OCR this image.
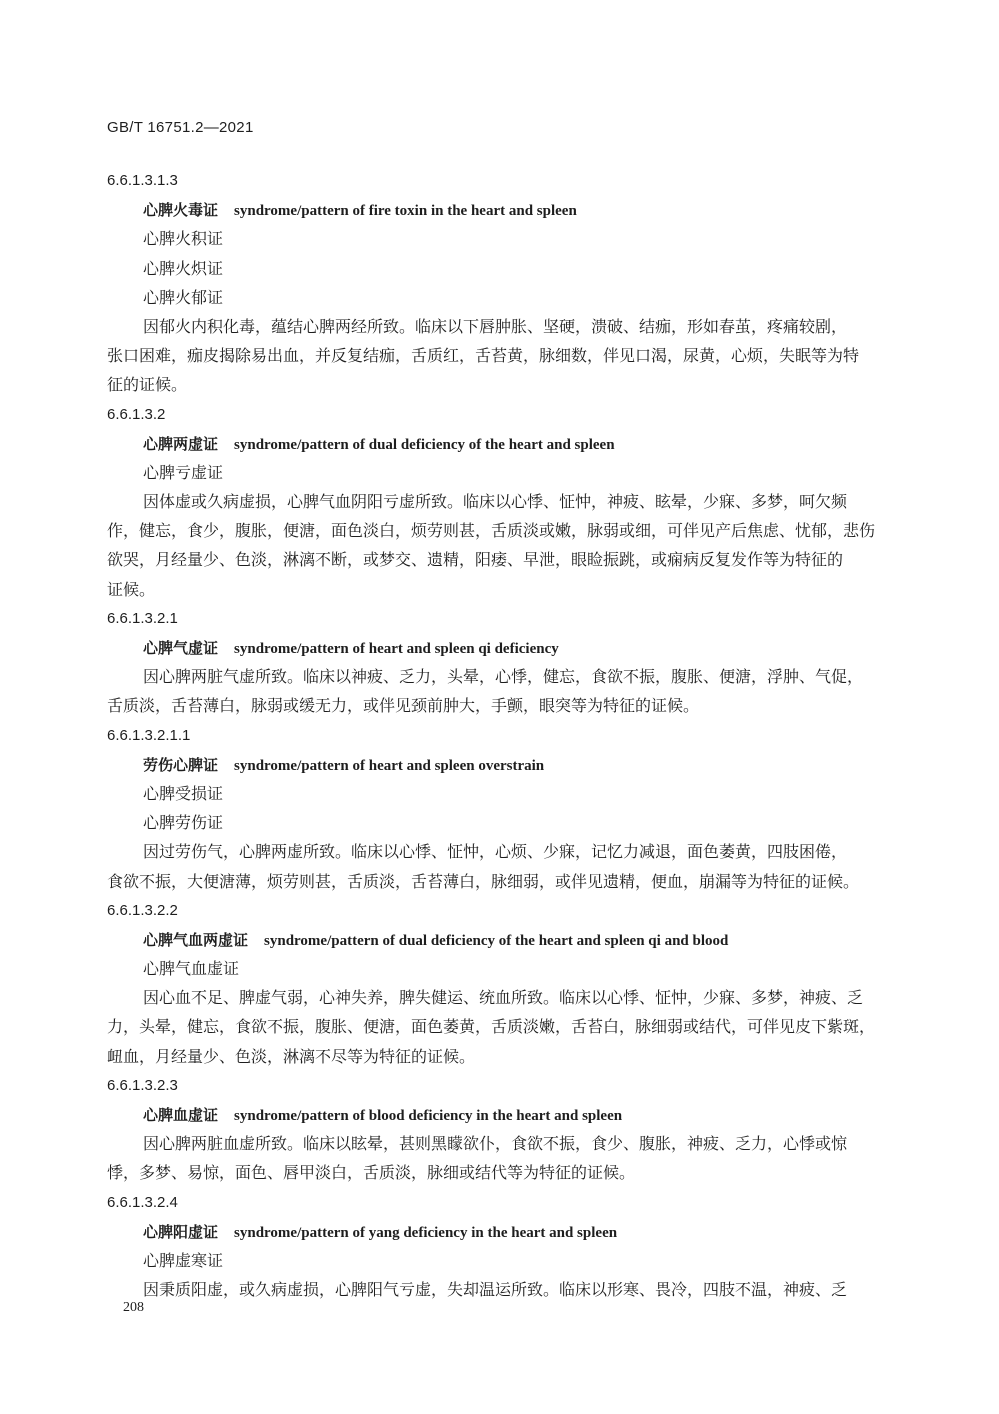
GB/T 16751.2—2021
6.6.1.3.1.3
心脾火毒证 syndrome/pattern of fire toxin in the heart and spleen
心脾火积证
心脾火炽证
心脾火郁证
因郁火内积化毒，蕴结心脾两经所致。临床以下唇肿胀、坚硬，溃破、结痂，形如春茧，疼痛较剧，
张口困难，痂皮揭除易出血，并反复结痂，舌质红，舌苔黄，脉细数，伴见口渴，尿黄，心烦，失眠等为特
征的证候。
6.6.1.3.2
心脾两虚证 syndrome/pattern of dual deficiency of the heart and spleen
心脾亏虚证
因体虚或久病虚损，心脾气血阴阳亏虚所致。临床以心悸、怔忡，神疲、眩晕，少寐、多梦，呵欠频
作，健忘，食少，腹胀，便溏，面色淡白，烦劳则甚，舌质淡或嫩，脉弱或细，可伴见产后焦虑、忧郁，悲伤
欲哭，月经量少、色淡，淋漓不断，或梦交、遗精，阳痿、早泄，眼睑振跳，或痫病反复发作等为特征的
证候。
6.6.1.3.2.1
心脾气虚证 syndrome/pattern of heart and spleen qi deficiency
因心脾两脏气虚所致。临床以神疲、乏力，头晕，心悸，健忘，食欲不振，腹胀、便溏，浮肿、气促，
舌质淡，舌苔薄白，脉弱或缓无力，或伴见颈前肿大，手颤，眼突等为特征的证候。
6.6.1.3.2.1.1
劳伤心脾证 syndrome/pattern of heart and spleen overstrain
心脾受损证
心脾劳伤证
因过劳伤气，心脾两虚所致。临床以心悸、怔忡，心烦、少寐，记忆力减退，面色萎黄，四肢困倦，
食欲不振，大便溏薄，烦劳则甚，舌质淡，舌苔薄白，脉细弱，或伴见遗精，便血，崩漏等为特征的证候。
6.6.1.3.2.2
心脾气血两虚证 syndrome/pattern of dual deficiency of the heart and spleen qi and blood
心脾气血虚证
因心血不足、脾虚气弱，心神失养，脾失健运、统血所致。临床以心悸、怔忡，少寐、多梦，神疲、乏
力，头晕，健忘，食欲不振，腹胀、便溏，面色萎黄，舌质淡嫩，舌苔白，脉细弱或结代，可伴见皮下紫斑，
衄血，月经量少、色淡，淋漓不尽等为特征的证候。
6.6.1.3.2.3
心脾血虚证 syndrome/pattern of blood deficiency in the heart and spleen
因心脾两脏血虚所致。临床以眩晕，甚则黑矇欲仆，食欲不振，食少、腹胀，神疲、乏力，心悸或惊
悸，多梦、易惊，面色、唇甲淡白，舌质淡，脉细或结代等为特征的证候。
6.6.1.3.2.4
心脾阳虚证 syndrome/pattern of yang deficiency in the heart and spleen
心脾虚寒证
因秉质阳虚，或久病虚损，心脾阳气亏虚，失却温运所致。临床以形寒、畏冷，四肢不温，神疲、乏
208
